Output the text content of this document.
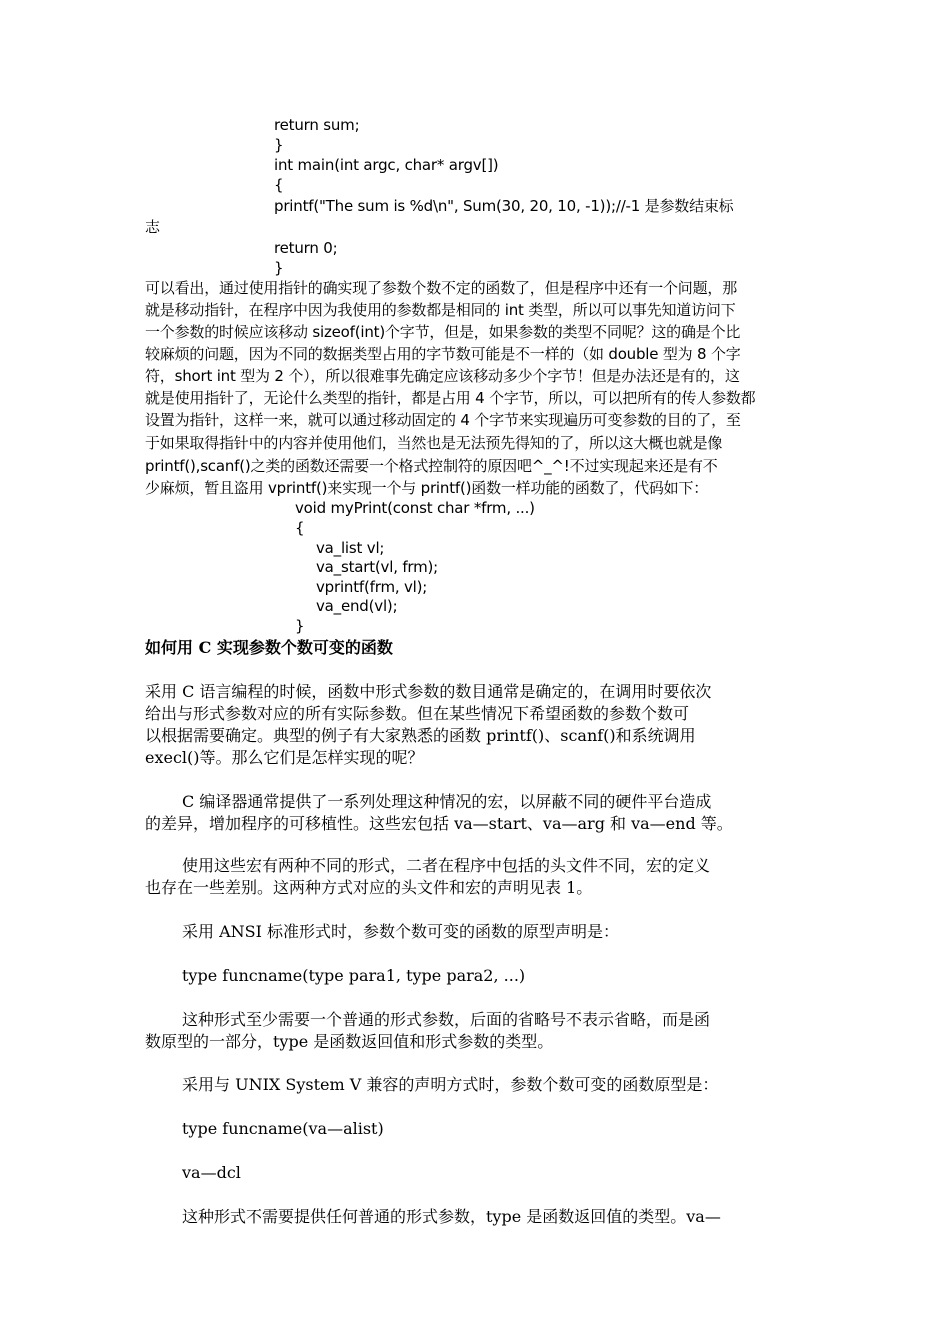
return sum;
}
int main(int argc, char* argv[])
{
printf("The sum is %d\n", Sum(30, 20, 10, -1));//-1 是参数结束标
志
return 0;
}
可以看出，通过使用指针的确实现了参数个数不定的函数了，但是程序中还有一个问题，那
就是移动指针，在程序中因为我使用的参数都是相同的 int 类型，所以可以事先知道访问下
一个参数的时候应该移动 sizeof(int)个字节，但是，如果参数的类型不同呢？这的确是个比
较麻烦的问题，因为不同的数据类型占用的字节数可能是不一样的（如 double 型为 8 个字
符，short int 型为 2 个），所以很难事先确定应该移动多少个字节！但是办法还是有的，这
就是使用指针了，无论什么类型的指针，都是占用 4 个字节，所以，可以把所有的传人参数都
设置为指针，这样一来，就可以通过移动固定的 4 个字节来实现遍历可变参数的目的了，至
于如果取得指针中的内容并使用他们，当然也是无法预先得知的了，所以这大概也就是像
printf(),scanf()之类的函数还需要一个格式控制符的原因吧^_^!不过实现起来还是有不
少麻烦，暂且盗用 vprintf()来实现一个与 printf()函数一样功能的函数了，代码如下：
void myPrint(const char *frm, ...)
{
va_list vl;
va_start(vl, frm);
vprintf(frm, vl);
va_end(vl);
}
如何用 C 实现参数个数可变的函数
采用 C 语言编程的时候，函数中形式参数的数目通常是确定的，在调用时要依次
给出与形式参数对应的所有实际参数。但在某些情况下希望函数的参数个数可
以根据需要确定。典型的例子有大家熟悉的函数 printf()、scanf()和系统调用
execl()等。那么它们是怎样实现的呢？
C 编译器通常提供了一系列处理这种情况的宏，以屏蔽不同的硬件平台造成
的差异，增加程序的可移植性。这些宏包括 va—start、va—arg 和 va—end 等。
使用这些宏有两种不同的形式，二者在程序中包括的头文件不同，宏的定义
也存在一些差别。这两种方式对应的头文件和宏的声明见表 1。
采用 ANSI 标准形式时，参数个数可变的函数的原型声明是：
type funcname(type para1, type para2, ...)
这种形式至少需要一个普通的形式参数，后面的省略号不表示省略，而是函
数原型的一部分，type 是函数返回值和形式参数的类型。
采用与 UNIX System V 兼容的声明方式时，参数个数可变的函数原型是：
type funcname(va—alist)
va—dcl
这种形式不需要提供任何普通的形式参数，type 是函数返回值的类型。va—
